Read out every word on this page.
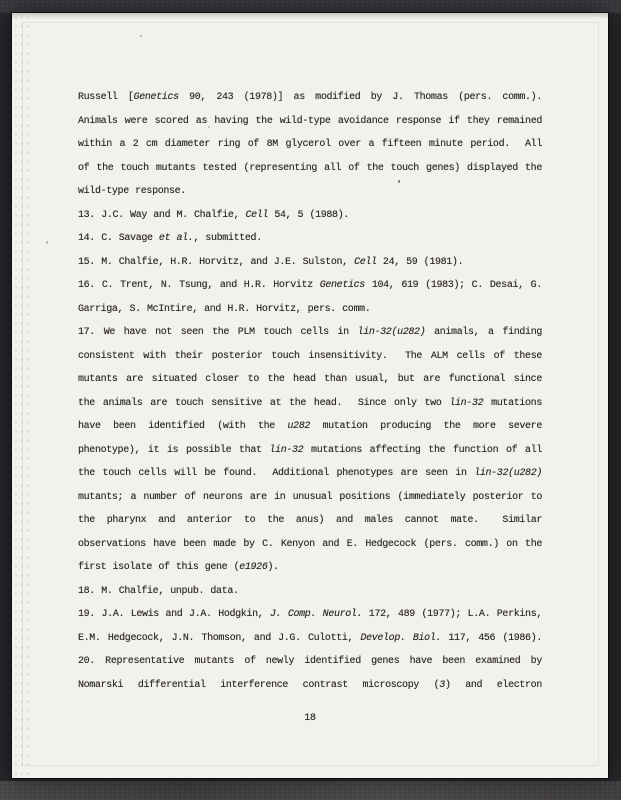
Russell [Genetics 90, 243 (1978)] as modified by J. Thomas (pers. comm.).
Animals were scored as having the wild-type avoidance response if they remained
within a 2 cm diameter ring of 8M glycerol over a fifteen minute period.  All
of the touch mutants tested (representing all of the touch genes) displayed the
wild-type response.
13. J.C. Way and M. Chalfie, Cell 54, 5 (1988).
14. C. Savage et al., submitted.
15. M. Chalfie, H.R. Horvitz, and J.E. Sulston, Cell 24, 59 (1981).
16. C. Trent, N. Tsung, and H.R. Horvitz Genetics 104, 619 (1983); C. Desai, G.
Garriga, S. McIntire, and H.R. Horvitz, pers. comm.
17. We have not seen the PLM touch cells in lin-32(u282) animals, a finding
consistent with their posterior touch insensitivity.  The ALM cells of these
mutants are situated closer to the head than usual, but are functional since
the animals are touch sensitive at the head.  Since only two lin-32 mutations
have been identified (with the u282 mutation producing the more severe
phenotype), it is possible that lin-32 mutations affecting the function of all
the touch cells will be found.  Additional phenotypes are seen in lin-32(u282)
mutants; a number of neurons are in unusual positions (immediately posterior to
the pharynx and anterior to the anus) and males cannot mate.  Similar
observations have been made by C. Kenyon and E. Hedgecock (pers. comm.) on the
first isolate of this gene (e1926).
18. M. Chalfie, unpub. data.
19. J.A. Lewis and J.A. Hodgkin, J. Comp. Neurol. 172, 489 (1977); L.A. Perkins,
E.M. Hedgecock, J.N. Thomson, and J.G. Culotti, Develop. Biol. 117, 456 (1986).
20. Representative mutants of newly identified genes have been examined by
Nomarski differential interference contrast microscopy (3) and electron
18
